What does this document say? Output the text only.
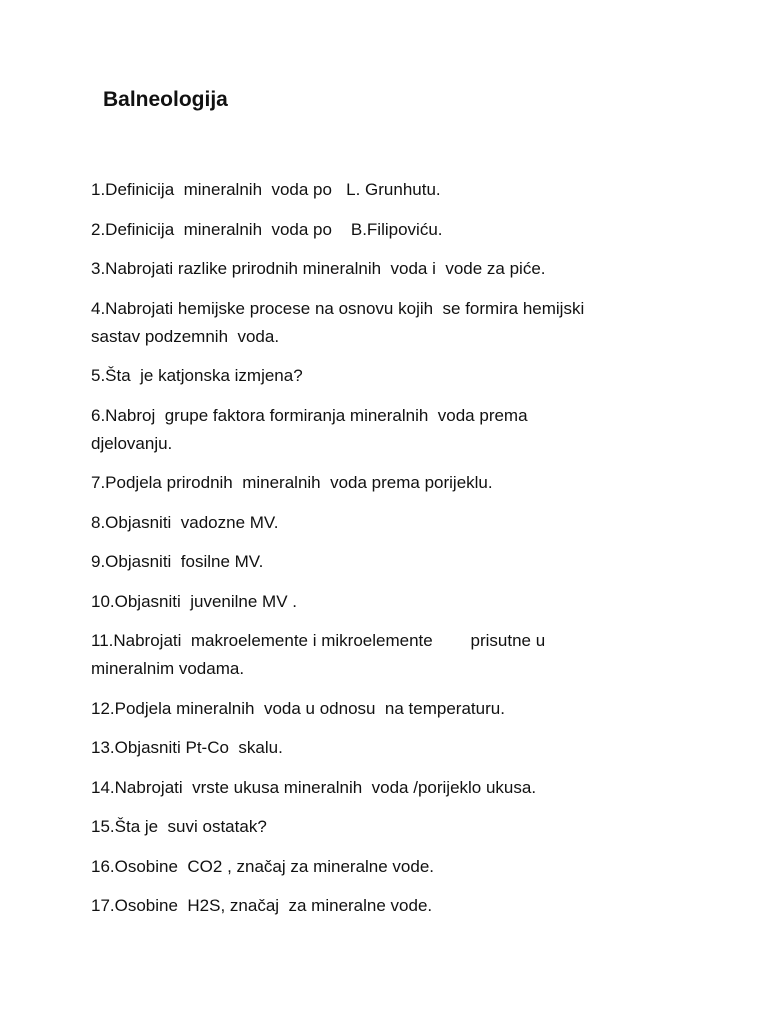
Balneologija
1.Definicija  mineralnih  voda po   L. Grunhutu.
2.Definicija  mineralnih  voda po    B.Filipoviću.
3.Nabrojati razlike prirodnih mineralnih  voda i  vode za piće.
4.Nabrojati hemijske procese na osnovu kojih  se formira hemijski
sastav podzemnih  voda.
5.Šta  je katjonska izmjena?
6.Nabroj  grupe faktora formiranja mineralnih  voda prema
djelovanju.
7.Podjela prirodnih  mineralnih  voda prema porijeklu.
8.Objasniti  vadozne MV.
9.Objasniti  fosilne MV.
10.Objasniti  juvenilne MV .
11.Nabrojati  makroelemente i mikroelemente        prisutne u
mineralnim vodama.
12.Podjela mineralnih  voda u odnosu  na temperaturu.
13.Objasniti Pt-Co  skalu.
14.Nabrojati  vrste ukusa mineralnih  voda /porijeklo ukusa.
15.Šta je  suvi ostatak?
16.Osobine  CO2 , značaj za mineralne vode.
17.Osobine  H2S, značaj  za mineralne vode.
